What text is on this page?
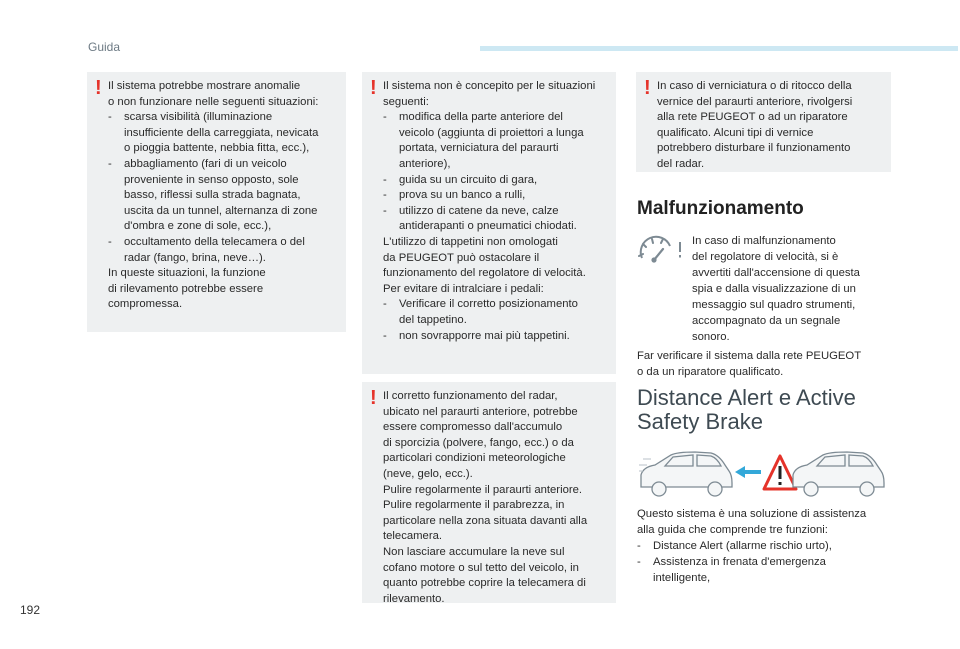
Guida
! Il sistema potrebbe mostrare anomalie
o non funzionare nelle seguenti situazioni:
- scarsa visibilità (illuminazione
insufficiente della carreggiata, nevicata
o pioggia battente, nebbia fitta, ecc.),
- abbagliamento (fari di un veicolo
proveniente in senso opposto, sole
basso, riflessi sulla strada bagnata,
uscita da un tunnel, alternanza di zone
d'ombra e zone di sole, ecc.),
- occultamento della telecamera o del
radar (fango, brina, neve…).
In queste situazioni, la funzione
di rilevamento potrebbe essere
compromessa.
! Il sistema non è concepito per le situazioni
seguenti:
- modifica della parte anteriore del
veicolo (aggiunta di proiettori a lunga
portata, verniciatura del paraurti
anteriore),
- guida su un circuito di gara,
- prova su un banco a rulli,
- utilizzo di catene da neve, calze
antiderapanti o pneumatici chiodati.
L'utilizzo di tappetini non omologati
da PEUGEOT può ostacolare il
funzionamento del regolatore di velocità.
Per evitare di intralciare i pedali:
- Verificare il corretto posizionamento
del tappetino.
- non sovrapporre mai più tappetini.
! Il corretto funzionamento del radar,
ubicato nel paraurti anteriore, potrebbe
essere compromesso dall'accumulo
di sporcizia (polvere, fango, ecc.) o da
particolari condizioni meteorologiche
(neve, gelo, ecc.).
Pulire regolarmente il paraurti anteriore.
Pulire regolarmente il parabrezza, in
particolare nella zona situata davanti alla
telecamera.
Non lasciare accumulare la neve sul
cofano motore o sul tetto del veicolo, in
quanto potrebbe coprire la telecamera di
rilevamento.
! In caso di verniciatura o di ritocco della
vernice del paraurti anteriore, rivolgersi
alla rete PEUGEOT o ad un riparatore
qualificato. Alcuni tipi di vernice
potrebbero disturbare il funzionamento
del radar.
Malfunzionamento
In caso di malfunzionamento
del regolatore di velocità, si è
avvertiti dall'accensione di questa
spia e dalla visualizzazione di un
messaggio sul quadro strumenti,
accompagnato da un segnale
sonoro.
Far verificare il sistema dalla rete PEUGEOT
o da un riparatore qualificato.
Distance Alert e Active
Safety Brake
Questo sistema è una soluzione di assistenza
alla guida che comprende tre funzioni:
- Distance Alert (allarme rischio urto),
- Assistenza in frenata d'emergenza
intelligente,
192
